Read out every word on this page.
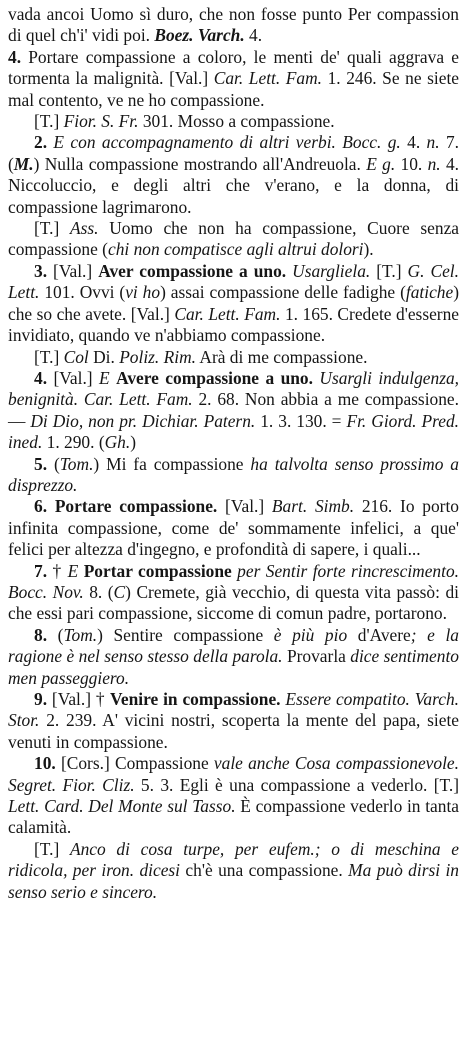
vada ancoi Uomo sì duro, che non fosse punto Per compassion di quel ch'i' vidi poi. Boez. Varch. 4.

4. Portare compassione a coloro, le menti de' quali aggrava e tormenta la malignità. [Val.] Car. Lett. Fam. 1. 246. Se ne siete mal contento, ve ne ho compassione.

[T.] Fior. S. Fr. 301. Mosso a compassione.

2. E con accompagnamento di altri verbi. Bocc. g. 4. n. 7. (M.) Nulla compassione mostrando all'Andreuola. E g. 10. n. 4. Niccoluccio, e degli altri che v'erano, e la donna, di compassione lagrimarono.

[T.] Ass. Uomo che non ha compassione, Cuore senza compassione (chi non compatisce agli altrui dolori).

3. [Val.] Aver compassione a uno. Usargliela. [T.] G. Cel. Lett. 101. Ovvi (vi ho) assai compassione delle fadighe (fatiche) che so che avete. [Val.] Car. Lett. Fam. 1. 165. Credete d'esserne invidiato, quando ve n'abbiamo compassione.

[T.] Col Di. Poliz. Rim. Arà di me compassione.

4. [Val.] E Avere compassione a uno. Usargli indulgenza, benignità. Car. Lett. Fam. 2. 68. Non abbia a me compassione. — Di Dio, non pr. Dichiar. Patern. 1. 3. 130. = Fr. Giord. Pred. ined. 1. 290. (Gh.)

5. (Tom.) Mi fa compassione ha talvolta senso prossimo a disprezzo.

6. Portare compassione. [Val.] Bart. Simb. 216. Io porto infinita compassione, come de' sommamente infelici, a que' felici per altezza d'ingegno, e profondità di sapere, i quali...

7. † E Portar compassione per Sentir forte rincrescimento. Bocc. Nov. 8. (C) Cremete, già vecchio, di questa vita passò: di che essi pari compassione, siccome di comun padre, portarono.

8. (Tom.) Sentire compassione è più pio d'Avere; e la ragione è nel senso stesso della parola. Provarla dice sentimento men passeggiero.

9. [Val.] † Venire in compassione. Essere compatito. Varch. Stor. 2. 239. A' vicini nostri, scoperta la mente del papa, siete venuti in compassione.

10. [Cors.] Compassione vale anche Cosa compassionevole. Segret. Fior. Cliz. 5. 3. Egli è una compassione a vederlo. [T.] Lett. Card. Del Monte sul Tasso. È compassione vederlo in tanta calamità.

[T.] Anco di cosa turpe, per eufem.; o di meschina e ridicola, per iron. dicesi ch'è una compassione. Ma può dirsi in senso serio e sincero.
